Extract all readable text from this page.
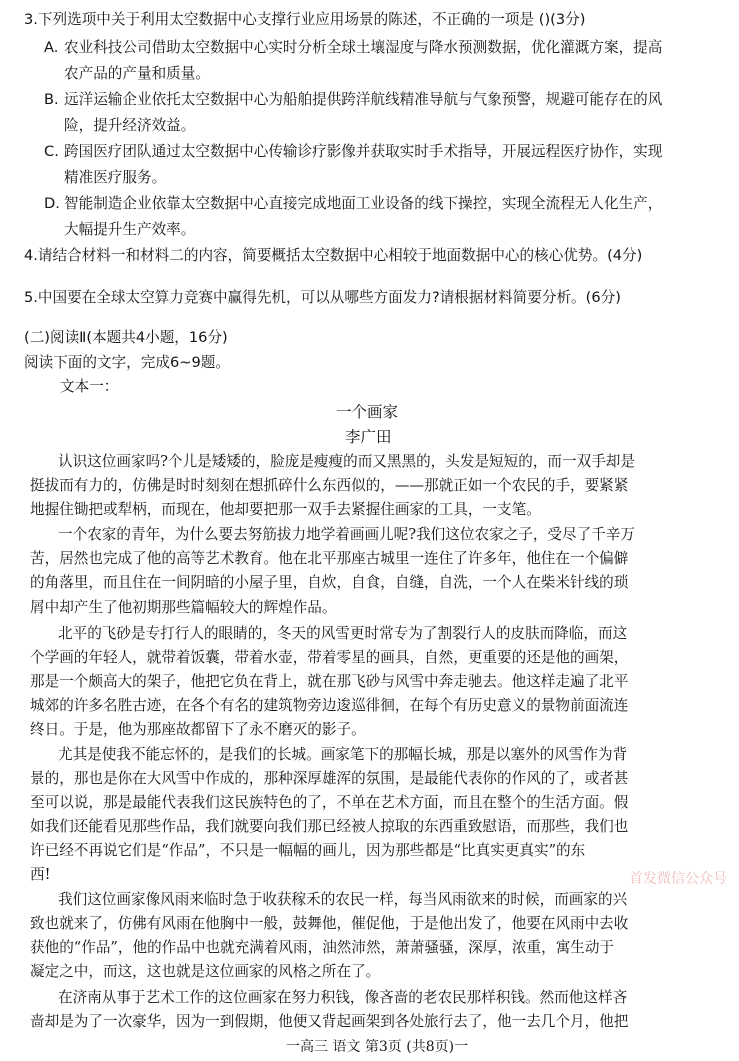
3.下列选项中关于利用太空数据中心支撑行业应用场景的陈述，不正确的一项是 ()(3分)
A. 农业科技公司借助太空数据中心实时分析全球土壤湿度与降水预测数据，优化灌溉方案，提高
农产品的产量和质量。
B. 远洋运输企业依托太空数据中心为船舶提供跨洋航线精准导航与气象预警，规避可能存在的风
险，提升经济效益。
C. 跨国医疗团队通过太空数据中心传输诊疗影像并获取实时手术指导，开展远程医疗协作，实现
精准医疗服务。
D. 智能制造企业依靠太空数据中心直接完成地面工业设备的线下操控，实现全流程无人化生产，
大幅提升生产效率。
4.请结合材料一和材料二的内容，简要概括太空数据中心相较于地面数据中心的核心优势。(4分)
5.中国要在全球太空算力竞赛中赢得先机，可以从哪些方面发力?请根据材料简要分析。(6分)
(二)阅读Ⅱ(本题共4小题，16分)
阅读下面的文字，完成6~9题。
文本一：
一个画家
李广田
认识这位画家吗?个儿是矮矮的，脸庞是瘦瘦的而又黑黑的，头发是短短的，而一双手却是
挺拔而有力的，仿佛是时时刻刻在想抓碎什么东西似的，——那就正如一个农民的手，要紧紧
地握住锄把或犁柄，而现在，他却要把那一双手去紧握住画家的工具，一支笔。
一个农家的青年，为什么要去努筋拔力地学着画画儿呢?我们这位农家之子，受尽了千辛万
苦，居然也完成了他的高等艺术教育。他在北平那座古城里一连住了许多年，他住在一个偏僻
的角落里，而且住在一间阴暗的小屋子里，自炊，自食，自缝，自洗，一个人在柴米针线的琐
屑中却产生了他初期那些篇幅较大的辉煌作品。
北平的飞砂是专打行人的眼睛的，冬天的风雪更时常专为了割裂行人的皮肤而降临，而这
个学画的年轻人，就带着饭囊，带着水壶，带着零星的画具，自然，更重要的还是他的画架，
那是一个颇高大的架子，他把它负在背上，就在那飞砂与风雪中奔走驰去。他这样走遍了北平
城郊的许多名胜古迹，在各个有名的建筑物旁边逡巡徘徊，在每个有历史意义的景物前面流连
终日。于是，他为那座故都留下了永不磨灭的影子。
尤其是使我不能忘怀的，是我们的长城。画家笔下的那幅长城，那是以塞外的风雪作为背
景的，那也是你在大风雪中作成的，那种深厚雄浑的氛围，是最能代表你的作风的了，或者甚
至可以说，那是最能代表我们这民族特色的了，不单在艺术方面，而且在整个的生活方面。假
如我们还能看见那些作品，我们就要向我们那已经被人掠取的东西重致慰语，而那些，我们也
许已经不再说它们是“作品”，不只是一幅幅的画儿，因为那些都是“比真实更真实”的东
西!
我们这位画家像风雨来临时急于收获稼禾的农民一样，每当风雨欲来的时候，而画家的兴
致也就来了，仿佛有风雨在他胸中一般，鼓舞他，催促他，于是他出发了，他要在风雨中去收
获他的“作品”，他的作品中也就充满着风雨，油然沛然，萧萧骚骚，深厚，浓重，寓生动于
凝定之中，而这，这也就是这位画家的风格之所在了。
在济南从事于艺术工作的这位画家在努力积钱，像吝啬的老农民那样积钱。然而他这样吝
啬却是为了一次豪华，因为一到假期，他便又背起画架到各处旅行去了，他一去几个月，他把
一高三 语文 第3页 (共8页)一
首发微信公众号
